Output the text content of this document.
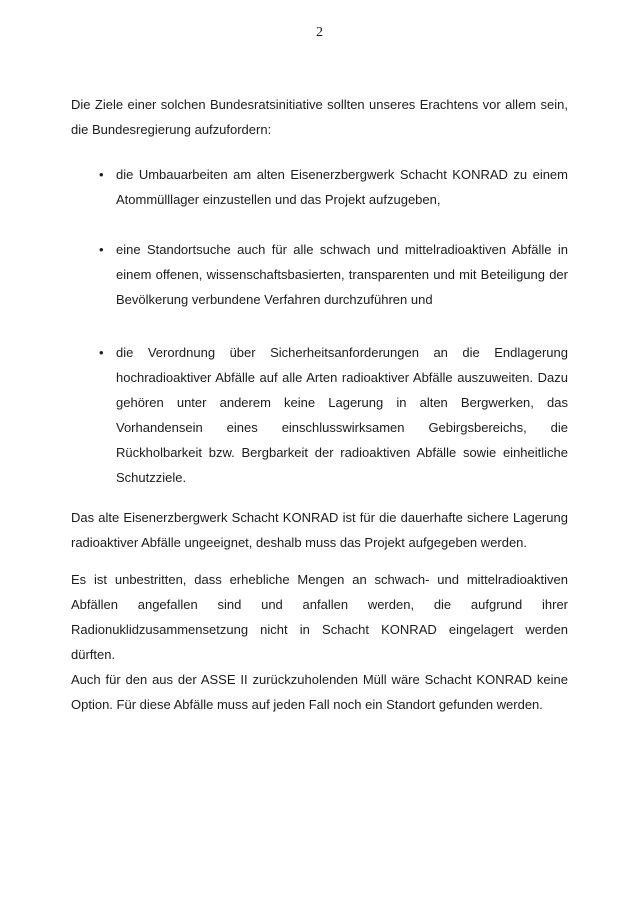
2
Die Ziele einer solchen Bundesratsinitiative sollten unseres Erachtens vor allem sein,
die Bundesregierung aufzufordern:
• die Umbauarbeiten am alten Eisenerzbergwerk Schacht KONRAD zu einem
Atommülllager einzustellen und das Projekt aufzugeben,
• eine Standortsuche auch für alle schwach und mittelradioaktiven Abfälle in
einem offenen, wissenschaftsbasierten, transparenten und mit Beteiligung der
Bevölkerung verbundene Verfahren durchzuführen und
• die Verordnung über Sicherheitsanforderungen an die Endlagerung
hochradioaktiver Abfälle auf alle Arten radioaktiver Abfälle auszuweiten. Dazu
gehören unter anderem keine Lagerung in alten Bergwerken, das
Vorhandensein eines einschlusswirksamen Gebirgsbereichs, die
Rückholbarkeit bzw. Bergbarkeit der radioaktiven Abfälle sowie einheitliche
Schutzziele.
Das alte Eisenerzbergwerk Schacht KONRAD ist für die dauerhafte sichere Lagerung
radioaktiver Abfälle ungeeignet, deshalb muss das Projekt aufgegeben werden.
Es ist unbestritten, dass erhebliche Mengen an schwach- und mittelradioaktiven
Abfällen angefallen sind und anfallen werden, die aufgrund ihrer
Radionuklidzusammensetzung nicht in Schacht KONRAD eingelagert werden
dürften.
Auch für den aus der ASSE II zurückzuholenden Müll wäre Schacht KONRAD keine
Option. Für diese Abfälle muss auf jeden Fall noch ein Standort gefunden werden.
